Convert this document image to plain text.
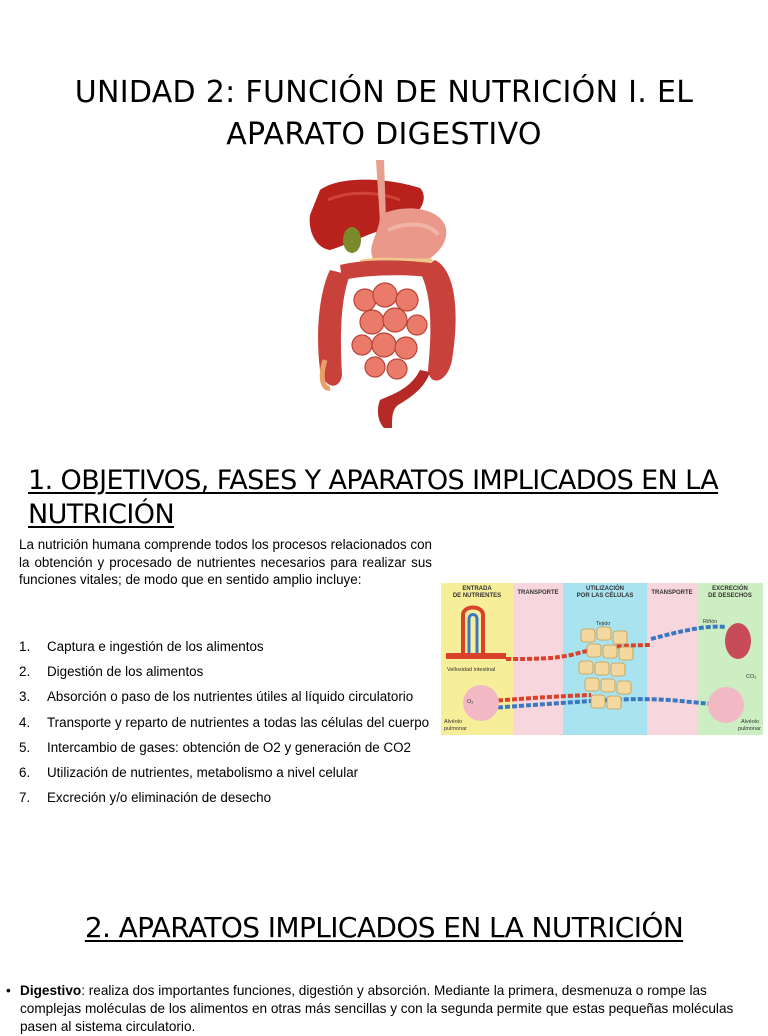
UNIDAD 2: FUNCIÓN DE NUTRICIÓN I. EL
APARATO DIGESTIVO
1. OBJETIVOS, FASES Y APARATOS IMPLICADOS EN LA NUTRICIÓN

La nutrición humana comprende todos los procesos relacionados con la obtención y procesado de nutrientes necesarios para realizar sus funciones vitales; de modo que en sentido amplio incluye:

1. Captura e ingestión de los alimentos
2. Digestión de los alimentos
3. Absorción o paso de los nutrientes útiles al líquido circulatorio
4. Transporte y reparto de nutrientes a todas las células del cuerpo
5. Intercambio de gases: obtención de O2 y generación de CO2
6. Utilización de nutrientes, metabolismo a nivel celular
7. Excreción y/o eliminación de desecho
ENTRADA
DE NUTRIENTES	TRANSPORTE
UTILIZACIÓN
POR LAS CÉLULAS	TRANSPORTE
EXCRECIÓN
DE DESECHOS
Vellosidad intestinal
Tejido	Riñón
CO₂
O₂
Alvéolo
pulmonar
Alvéolo
pulmonar
2. APARATOS IMPLICADOS EN LA NUTRICIÓN
• Digestivo: realiza dos importantes funciones, digestión y absorción. Mediante la primera, desmenuza o rompe las complejas moléculas de los alimentos en otras más sencillas y con la segunda permite que estas pequeñas moléculas pasen al sistema circulatorio.
